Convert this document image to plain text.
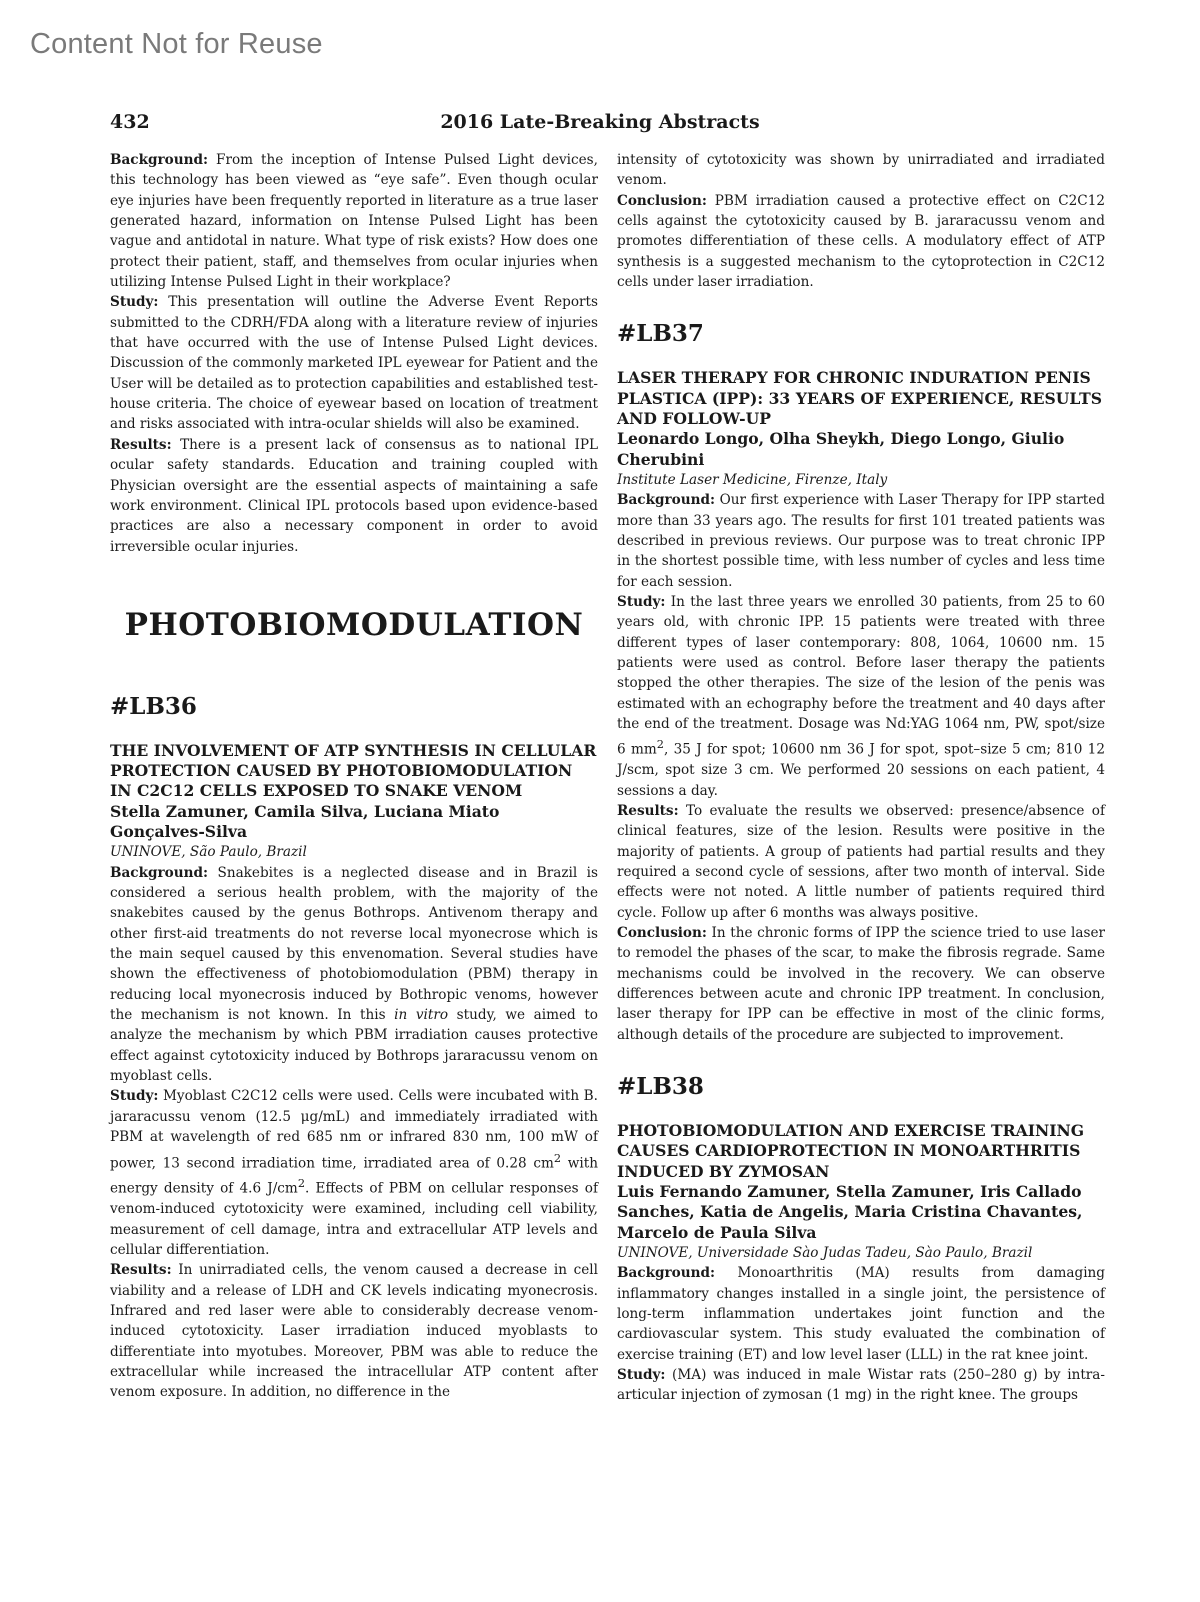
Content Not for Reuse
432	2016 Late-Breaking Abstracts

Background: From the inception of Intense Pulsed Light devices, this technology has been viewed as “eye safe”. Even though ocular eye injuries have been frequently reported in literature as a true laser generated hazard, information on Intense Pulsed Light has been vague and antidotal in nature. What type of risk exists? How does one protect their patient, staff, and themselves from ocular injuries when utilizing Intense Pulsed Light in their workplace?

Study: This presentation will outline the Adverse Event Reports submitted to the CDRH/FDA along with a literature review of injuries that have occurred with the use of Intense Pulsed Light devices. Discussion of the commonly marketed IPL eyewear for Patient and the User will be detailed as to protection capabilities and established test-house criteria. The choice of eyewear based on location of treatment and risks associated with intra-ocular shields will also be examined.

Results: There is a present lack of consensus as to national IPL ocular safety standards. Education and training coupled with Physician oversight are the essential aspects of maintaining a safe work environment. Clinical IPL protocols based upon evidence-based practices are also a necessary component in order to avoid irreversible ocular injuries.

PHOTOBIOMODULATION
#LB36
THE INVOLVEMENT OF ATP SYNTHESIS IN CELLULAR PROTECTION CAUSED BY PHOTOBIOMODULATION IN C2C12 CELLS EXPOSED TO SNAKE VENOM
Stella Zamuner, Camila Silva, Luciana Miato Gonçalves-Silva
UNINOVE, São Paulo, Brazil

Background: Snakebites is a neglected disease and in Brazil is considered a serious health problem, with the majority of the snakebites caused by the genus Bothrops. Antivenom therapy and other first-aid treatments do not reverse local myonecrose which is the main sequel caused by this envenomation. Several studies have shown the effectiveness of photobiomodulation (PBM) therapy in reducing local myonecrosis induced by Bothropic venoms, however the mechanism is not known. In this in vitro study, we aimed to analyze the mechanism by which PBM irradiation causes protective effect against cytotoxicity induced by Bothrops jararacussu venom on myoblast cells.

Study: Myoblast C2C12 cells were used. Cells were incubated with B. jararacussu venom (12.5 μg/mL) and immediately irradiated with PBM at wavelength of red 685 nm or infrared 830 nm, 100 mW of power, 13 second irradiation time, irradiated area of 0.28 $cm^2$ with energy density of 4.6 $J/cm^2$. Effects of PBM on cellular responses of venom-induced cytotoxicity were examined, including cell viability, measurement of cell damage, intra and extracellular ATP levels and cellular differentiation.

Results: In unirradiated cells, the venom caused a decrease in cell viability and a release of LDH and CK levels indicating myonecrosis. Infrared and red laser were able to considerably decrease venom-induced cytotoxicity. Laser irradiation induced myoblasts to differentiate into myotubes. Moreover, PBM was able to reduce the extracellular while increased the intracellular ATP content after venom exposure. In addition, no difference in the

intensity of cytotoxicity was shown by unirradiated and irradiated venom.

Conclusion: PBM irradiation caused a protective effect on C2C12 cells against the cytotoxicity caused by B. jararacussu venom and promotes differentiation of these cells. A modulatory effect of ATP synthesis is a suggested mechanism to the cytoprotection in C2C12 cells under laser irradiation.

#LB37
LASER THERAPY FOR CHRONIC INDURATION PENIS PLASTICA (IPP): 33 YEARS OF EXPERIENCE, RESULTS AND FOLLOW-UP
Leonardo Longo, Olha Sheykh, Diego Longo, Giulio Cherubini
Institute Laser Medicine, Firenze, Italy

Background: Our first experience with Laser Therapy for IPP started more than 33 years ago. The results for first 101 treated patients was described in previous reviews. Our purpose was to treat chronic IPP in the shortest possible time, with less number of cycles and less time for each session.

Study: In the last three years we enrolled 30 patients, from 25 to 60 years old, with chronic IPP. 15 patients were treated with three different types of laser contemporary: 808, 1064, 10600 nm. 15 patients were used as control. Before laser therapy the patients stopped the other therapies. The size of the lesion of the penis was estimated with an echography before the treatment and 40 days after the end of the treatment. Dosage was Nd:YAG 1064 nm, PW, spot/size 6 $mm^2$, 35 J for spot; 10600 nm 36 J for spot, spot–size 5 cm; 810 12 J/scm, spot size 3 cm. We performed 20 sessions on each patient, 4 sessions a day.

Results: To evaluate the results we observed: presence/absence of clinical features, size of the lesion. Results were positive in the majority of patients. A group of patients had partial results and they required a second cycle of sessions, after two month of interval. Side effects were not noted. A little number of patients required third cycle. Follow up after 6 months was always positive.

Conclusion: In the chronic forms of IPP the science tried to use laser to remodel the phases of the scar, to make the fibrosis regrade. Same mechanisms could be involved in the recovery. We can observe differences between acute and chronic IPP treatment. In conclusion, laser therapy for IPP can be effective in most of the clinic forms, although details of the procedure are subjected to improvement.

#LB38
PHOTOBIOMODULATION AND EXERCISE TRAINING CAUSES CARDIOPROTECTION IN MONOARTHRITIS INDUCED BY ZYMOSAN
Luis Fernando Zamuner, Stella Zamuner, Iris Callado Sanches, Katia de Angelis, Maria Cristina Chavantes, Marcelo de Paula Silva
UNINOVE, Universidade Sào Judas Tadeu, Sào Paulo, Brazil

Background: Monoarthritis (MA) results from damaging inflammatory changes installed in a single joint, the persistence of long-term inflammation undertakes joint function and the cardiovascular system. This study evaluated the combination of exercise training (ET) and low level laser (LLL) in the rat knee joint.

Study: (MA) was induced in male Wistar rats (250–280 g) by intra-articular injection of zymosan (1 mg) in the right knee. The groups
